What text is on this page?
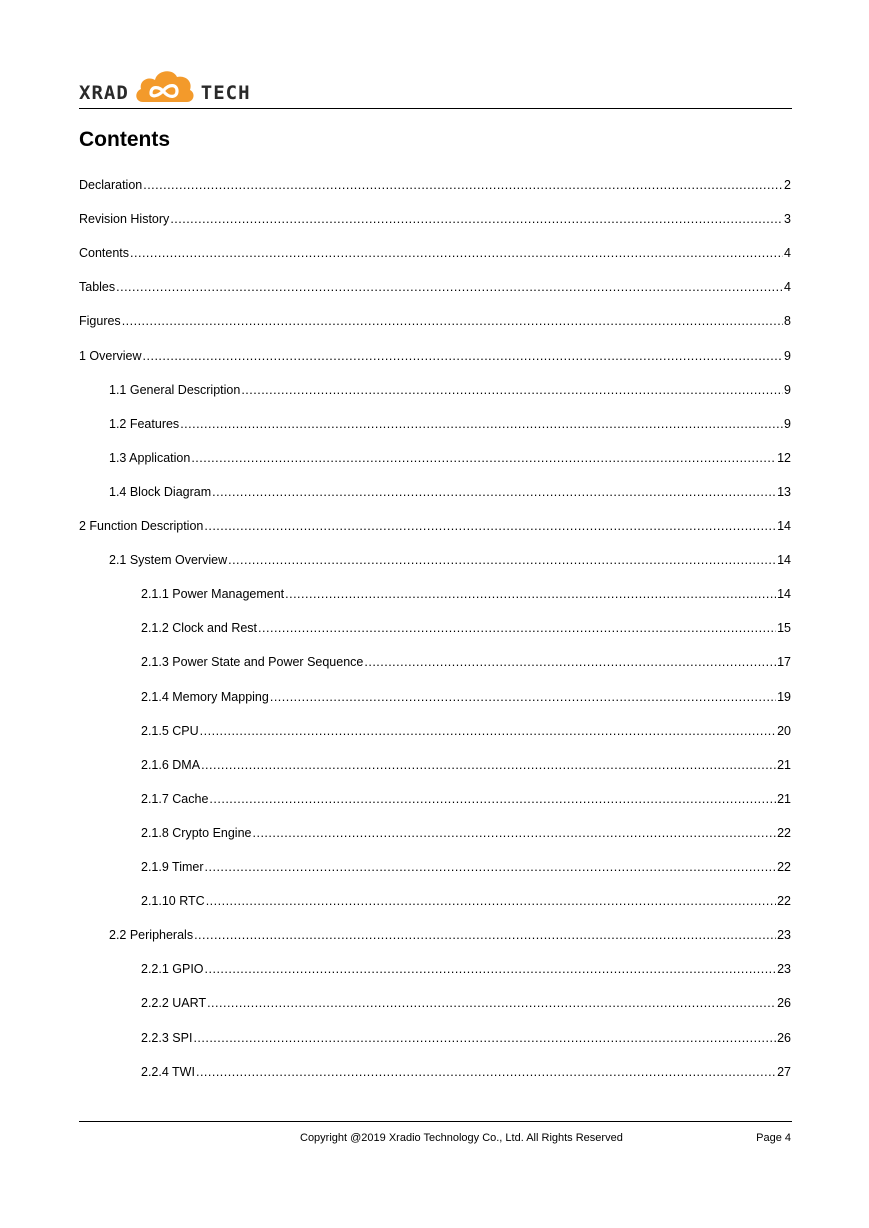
XRAD	TECH
Contents
Declaration .....	2
Revision History .....	3
Contents .....	4
Tables .....	4
Figures .....	8
1 Overview .....	9
1.1 General Description .....	9
1.2 Features .....	9
1.3 Application .....	12
1.4 Block Diagram .....	13
2 Function Description .....	14
2.1 System Overview .....	14
2.1.1 Power Management .....	14
2.1.2 Clock and Rest .....	15
2.1.3 Power State and Power Sequence .....	17
2.1.4 Memory Mapping .....	19
2.1.5 CPU .....	20
2.1.6 DMA .....	21
2.1.7 Cache .....	21
2.1.8 Crypto Engine .....	22
2.1.9 Timer .....	22
2.1.10 RTC .....	22
2.2 Peripherals .....	23
2.2.1 GPIO .....	23
2.2.2 UART .....	26
2.2.3 SPI .....	26
2.2.4 TWI .....	27
Copyright @2019 Xradio Technology Co., Ltd. All Rights Reserved	Page 4
